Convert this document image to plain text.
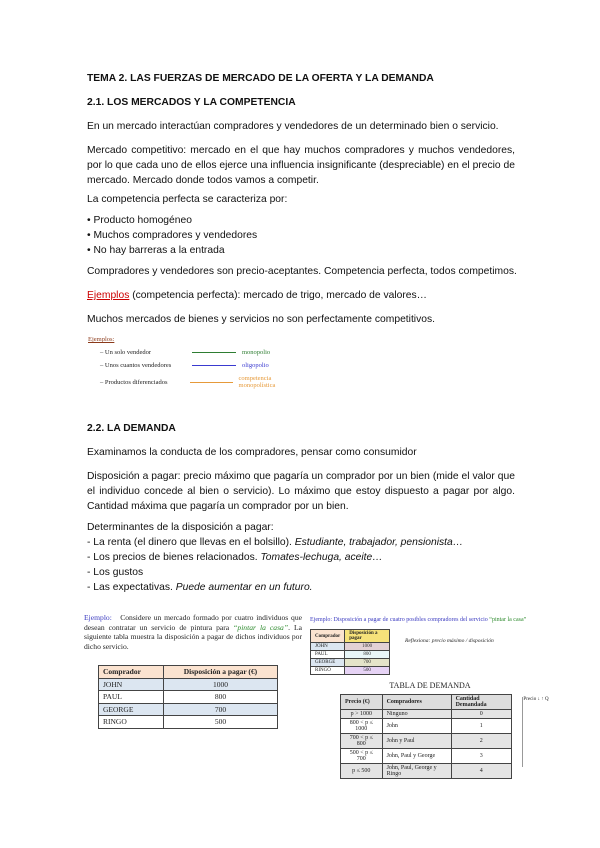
TEMA 2. LAS FUERZAS DE MERCADO DE LA OFERTA Y LA DEMANDA
2.1. LOS MERCADOS Y LA COMPETENCIA
En un mercado interactúan compradores y vendedores de un determinado bien o servicio.
Mercado competitivo: mercado en el que hay muchos compradores y muchos vendedores, por lo que cada uno de ellos ejerce una influencia insignificante (despreciable) en el precio de mercado. Mercado donde todos vamos a competir.
La competencia perfecta se caracteriza por:
• Producto homogéneo
• Muchos compradores y vendedores
• No hay barreras a la entrada
Compradores y vendedores son precio-aceptantes. Competencia perfecta, todos competimos.
Ejemplos (competencia perfecta): mercado de trigo, mercado de valores…
Muchos mercados de bienes y servicios no son perfectamente competitivos.
Ejemplos:
– Un solo vendedor	monopolio
– Unos cuantos vendedores	oligopolio
– Productos diferenciados	competencia monopolística
2.2. LA DEMANDA
Examinamos la conducta de los compradores, pensar como consumidor
Disposición a pagar: precio máximo que pagaría un comprador por un bien (mide el valor que el individuo concede al bien o servicio). Lo máximo que estoy dispuesto a pagar por algo. Cantidad máxima que pagaría un comprador por un bien.
Determinantes de la disposición a pagar:
- La renta (el dinero que llevas en el bolsillo). Estudiante, trabajador, pensionista…
- Los precios de bienes relacionados. Tomates-lechuga, aceite…
- Los gustos
- Las expectativas. Puede aumentar en un futuro.
Ejemplo: Considere un mercado formado por cuatro individuos que desean contratar un servicio de pintura para “pintar la casa”. La siguiente tabla muestra la disposición a pagar de dichos individuos por dicho servicio.
Comprador	Disposición a pagar (€)
JOHN	1000
PAUL	800
GEORGE	700
RINGO	500
Ejemplo: Disposición a pagar de cuatro posibles compradores del servicio “pintar la casa”
Comprador	Disposición a pagar
JOHN	1000
PAUL	800
GEORGE	700
RINGO	500
Reflexiona: precio máximo / disposición
TABLA DE DEMANDA
Precio (€)	Compradores	Cantidad Demandada
p > 1000	Ninguno	0
800 < p ≤ 1000	John	1
700 < p ≤ 800	John y Paul	2
500 < p ≤ 700	John, Paul y George	3
p ≤ 500	John, Paul, George y Ringo	4
Precio ↓ ↑ Q
